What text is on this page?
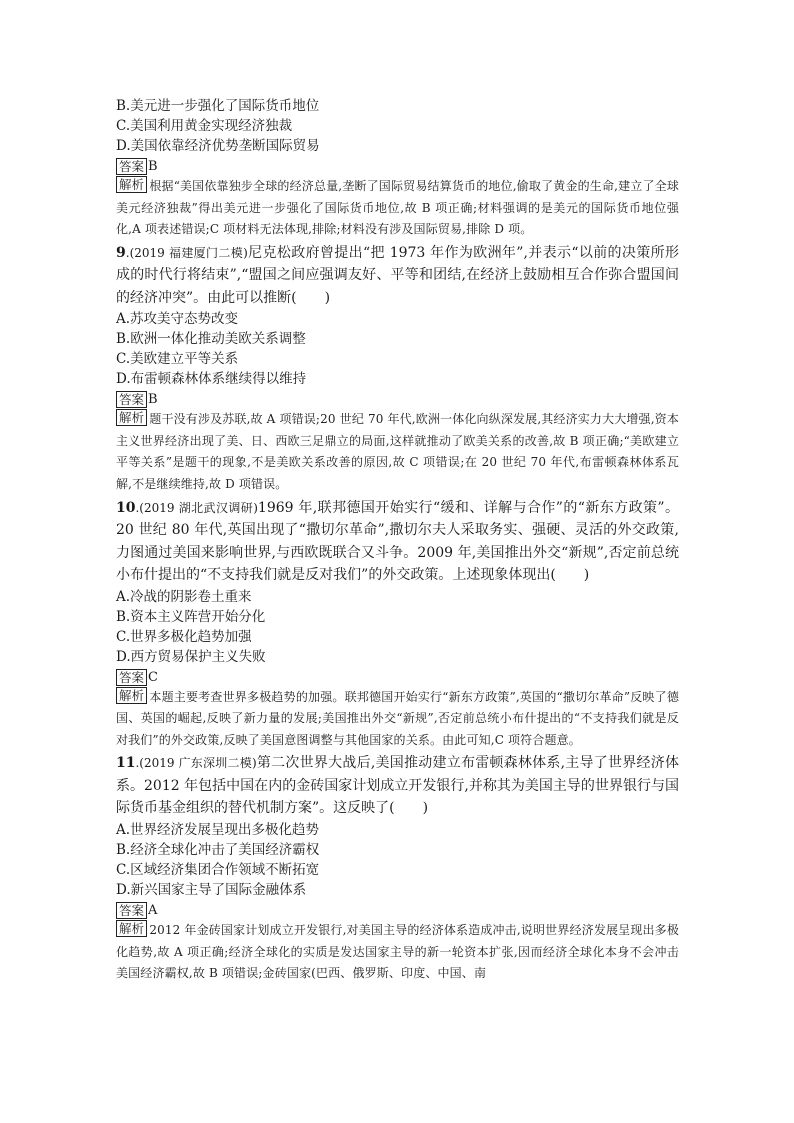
B.美元进一步强化了国际货币地位
C.美国利用黄金实现经济独裁
D.美国依靠经济优势垄断国际贸易
答案 B
解析 根据“美国依靠独步全球的经济总量,垄断了国际贸易结算货币的地位,偷取了黄金的生命,建立了全球美元经济独裁”得出美元进一步强化了国际货币地位,故 B 项正确;材料强调的是美元的国际货币地位强化,A 项表述错误;C 项材料无法体现,排除;材料没有涉及国际贸易,排除 D 项。
9.(2019 福建厦门二模)尼克松政府曾提出“把 1973 年作为欧洲年”,并表示“以前的决策所形成的时代行将结束”,“盟国之间应强调友好、平等和团结,在经济上鼓励相互合作弥合盟国间的经济冲突”。由此可以推断(　　)
A.苏攻美守态势改变
B.欧洲一体化推动美欧关系调整
C.美欧建立平等关系
D.布雷顿森林体系继续得以维持
答案 B
解析 题干没有涉及苏联,故 A 项错误;20 世纪 70 年代,欧洲一体化向纵深发展,其经济实力大大增强,资本主义世界经济出现了美、日、西欧三足鼎立的局面,这样就推动了欧美关系的改善,故 B 项正确;“美欧建立平等关系”是题干的现象,不是美欧关系改善的原因,故 C 项错误;在 20 世纪 70 年代,布雷顿森林体系瓦解,不是继续维持,故 D 项错误。
10.(2019 湖北武汉调研)1969 年,联邦德国开始实行“缓和、详解与合作”的“新东方政策”。20 世纪 80 年代,英国出现了“撒切尔革命”,撒切尔夫人采取务实、强硬、灵活的外交政策,力图通过美国来影响世界,与西欧既联合又斗争。2009 年,美国推出外交“新规”,否定前总统小布什提出的“不支持我们就是反对我们”的外交政策。上述现象体现出(　　)
A.冷战的阴影卷土重来
B.资本主义阵营开始分化
C.世界多极化趋势加强
D.西方贸易保护主义失败
答案 C
解析 本题主要考查世界多极趋势的加强。联邦德国开始实行“新东方政策”,英国的“撒切尔革命”反映了德国、英国的崛起,反映了新力量的发展;美国推出外交“新规”,否定前总统小布什提出的“不支持我们就是反对我们”的外交政策,反映了美国意图调整与其他国家的关系。由此可知,C 项符合题意。
11.(2019 广东深圳二模)第二次世界大战后,美国推动建立布雷顿森林体系,主导了世界经济体系。2012 年包括中国在内的金砖国家计划成立开发银行,并称其为美国主导的世界银行与国际货币基金组织的替代机制方案”。这反映了(　　)
A.世界经济发展呈现出多极化趋势
B.经济全球化冲击了美国经济霸权
C.区域经济集团合作领域不断拓宽
D.新兴国家主导了国际金融体系
答案 A
解析 2012 年金砖国家计划成立开发银行,对美国主导的经济体系造成冲击,说明世界经济发展呈现出多极化趋势,故 A 项正确;经济全球化的实质是发达国家主导的新一轮资本扩张,因而经济全球化本身不会冲击美国经济霸权,故 B 项错误;金砖国家(巴西、俄罗斯、印度、中国、南
